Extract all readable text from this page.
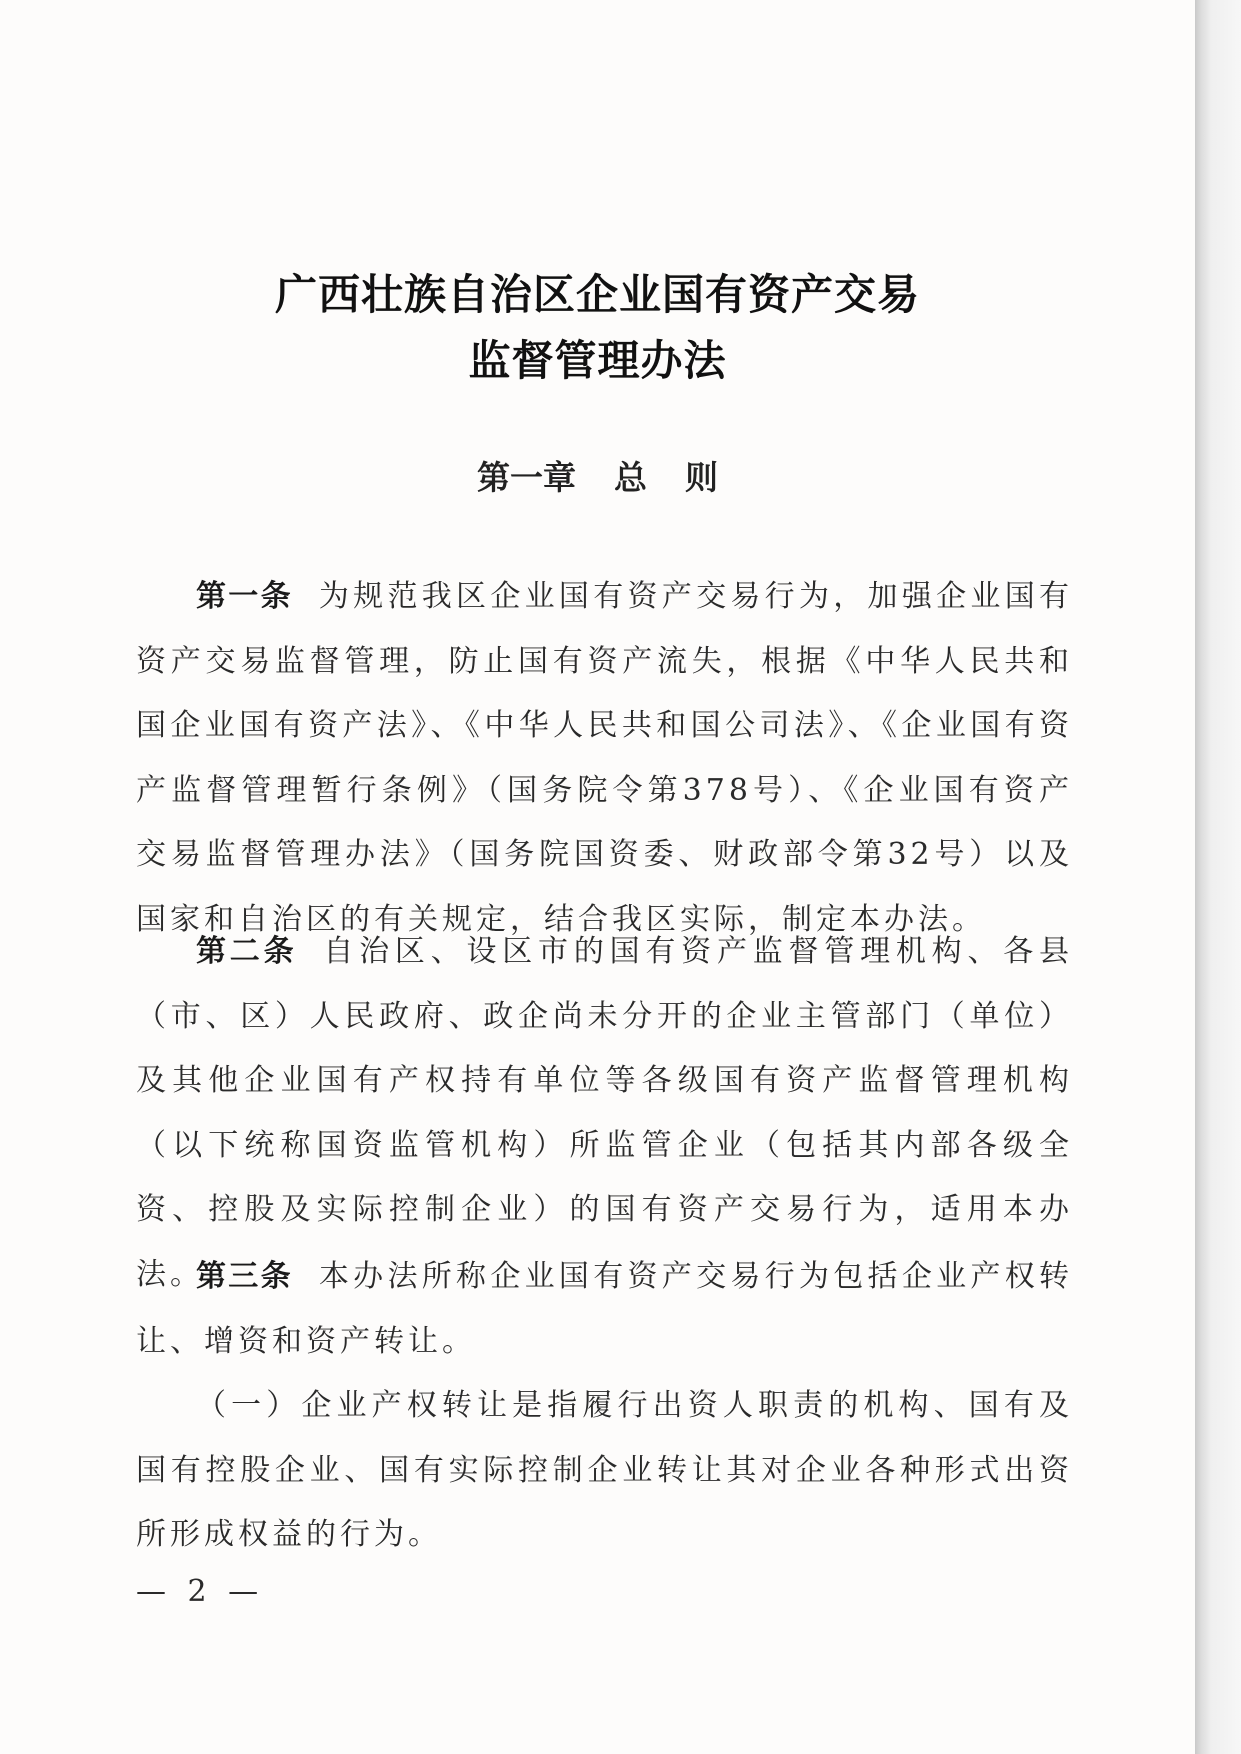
广西壮族自治区企业国有资产交易
监督管理办法
第一章 总 则
第一条 为规范我区企业国有资产交易行为，加强企业国有资产交易监督管理，防止国有资产流失，根据《中华人民共和国企业国有资产法》、《中华人民共和国公司法》、《企业国有资产监督管理暂行条例》（国务院令第378号）、《企业国有资产交易监督管理办法》（国务院国资委、财政部令第32号）以及国家和自治区的有关规定，结合我区实际，制定本办法。
第二条 自治区、设区市的国有资产监督管理机构、各县（市、区）人民政府、政企尚未分开的企业主管部门（单位）及其他企业国有产权持有单位等各级国有资产监督管理机构（以下统称国资监管机构）所监管企业（包括其内部各级全资、控股及实际控制企业）的国有资产交易行为，适用本办法。
第三条 本办法所称企业国有资产交易行为包括企业产权转让、增资和资产转让。
（一）企业产权转让是指履行出资人职责的机构、国有及国有控股企业、国有实际控制企业转让其对企业各种形式出资所形成权益的行为。
— 2 —
